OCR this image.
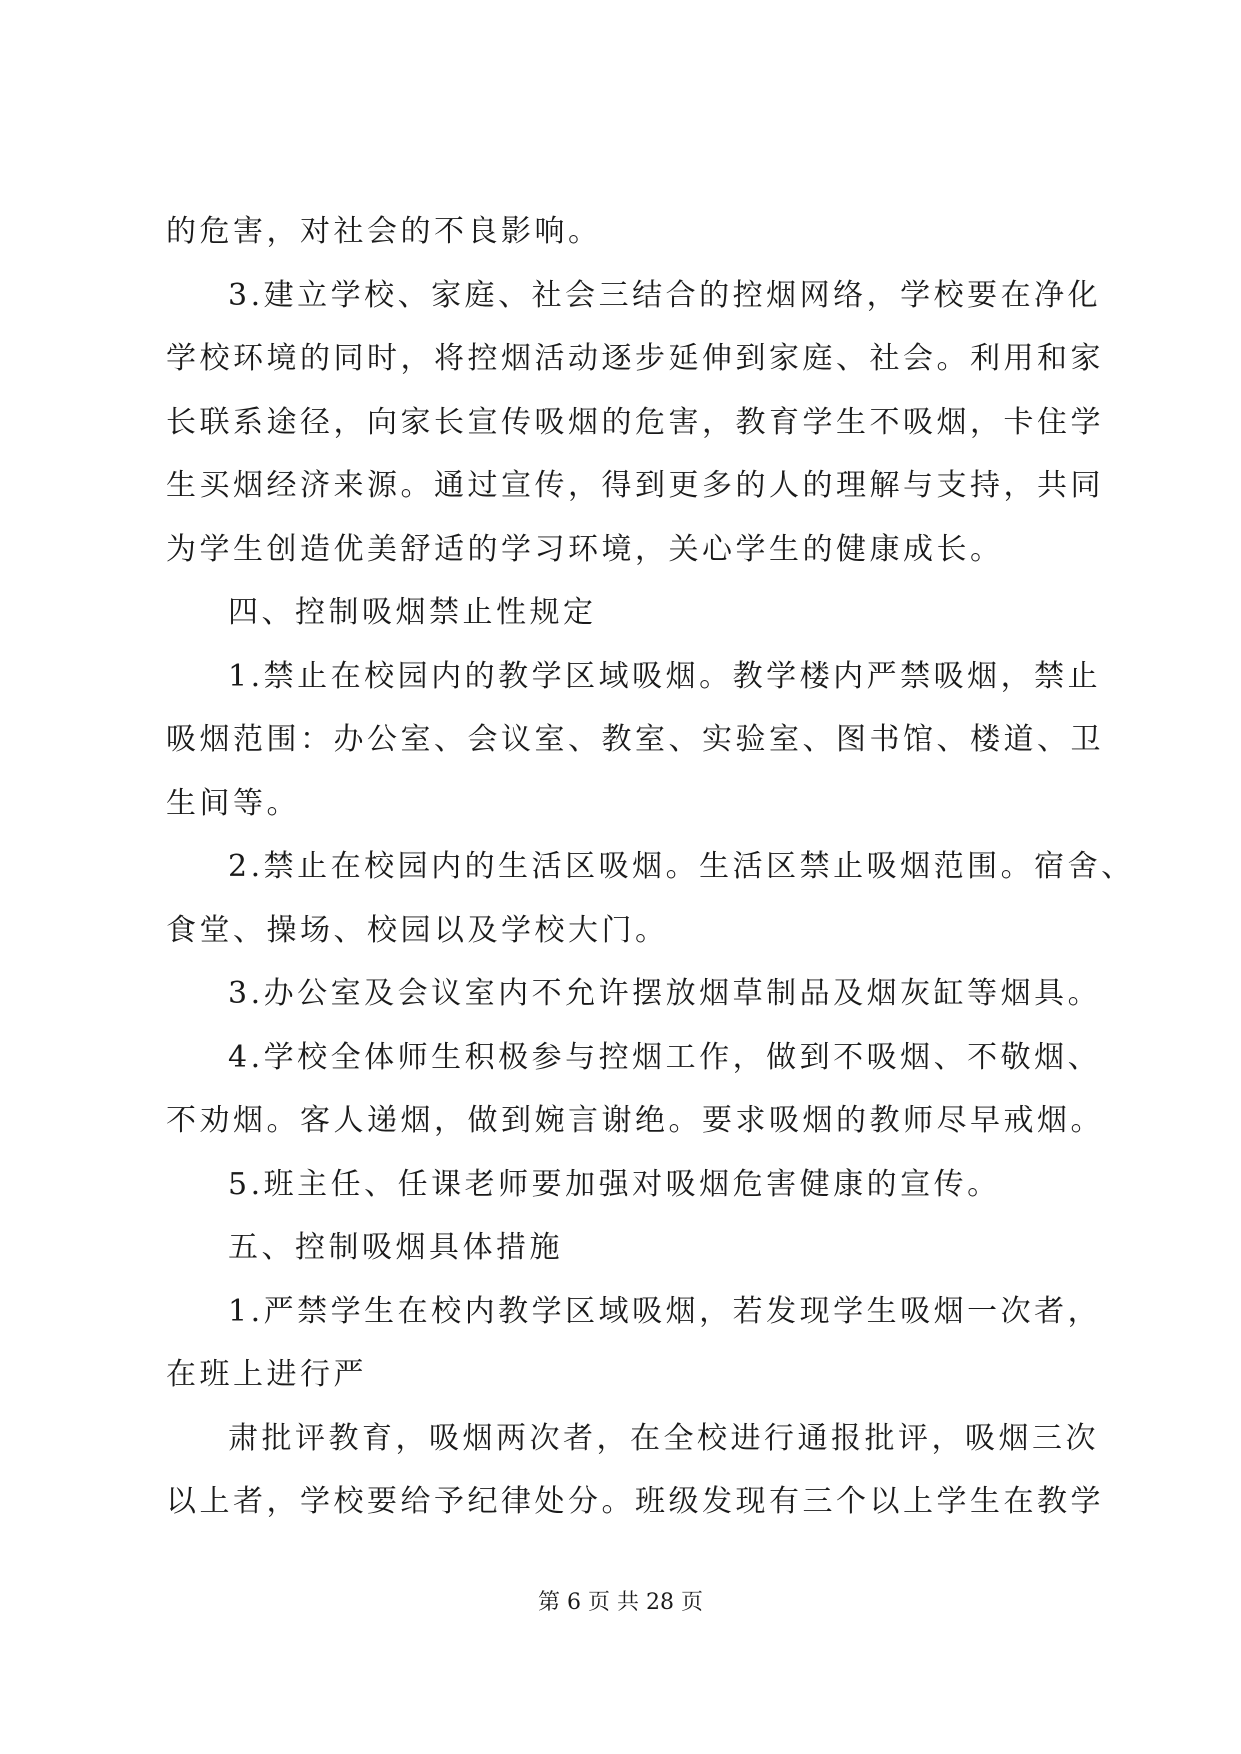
的危害，对社会的不良影响。
3.建立学校、家庭、社会三结合的控烟网络，学校要在净化
学校环境的同时，将控烟活动逐步延伸到家庭、社会。利用和家
长联系途径，向家长宣传吸烟的危害，教育学生不吸烟，卡住学
生买烟经济来源。通过宣传，得到更多的人的理解与支持，共同
为学生创造优美舒适的学习环境，关心学生的健康成长。
四、控制吸烟禁止性规定
1.禁止在校园内的教学区域吸烟。教学楼内严禁吸烟，禁止
吸烟范围：办公室、会议室、教室、实验室、图书馆、楼道、卫
生间等。
2.禁止在校园内的生活区吸烟。生活区禁止吸烟范围。宿舍、
食堂、操场、校园以及学校大门。
3.办公室及会议室内不允许摆放烟草制品及烟灰缸等烟具。
4.学校全体师生积极参与控烟工作，做到不吸烟、不敬烟、
不劝烟。客人递烟，做到婉言谢绝。要求吸烟的教师尽早戒烟。
5.班主任、任课老师要加强对吸烟危害健康的宣传。
五、控制吸烟具体措施
1.严禁学生在校内教学区域吸烟，若发现学生吸烟一次者，
在班上进行严
肃批评教育，吸烟两次者，在全校进行通报批评，吸烟三次
以上者，学校要给予纪律处分。班级发现有三个以上学生在教学
第 6 页 共 28 页
